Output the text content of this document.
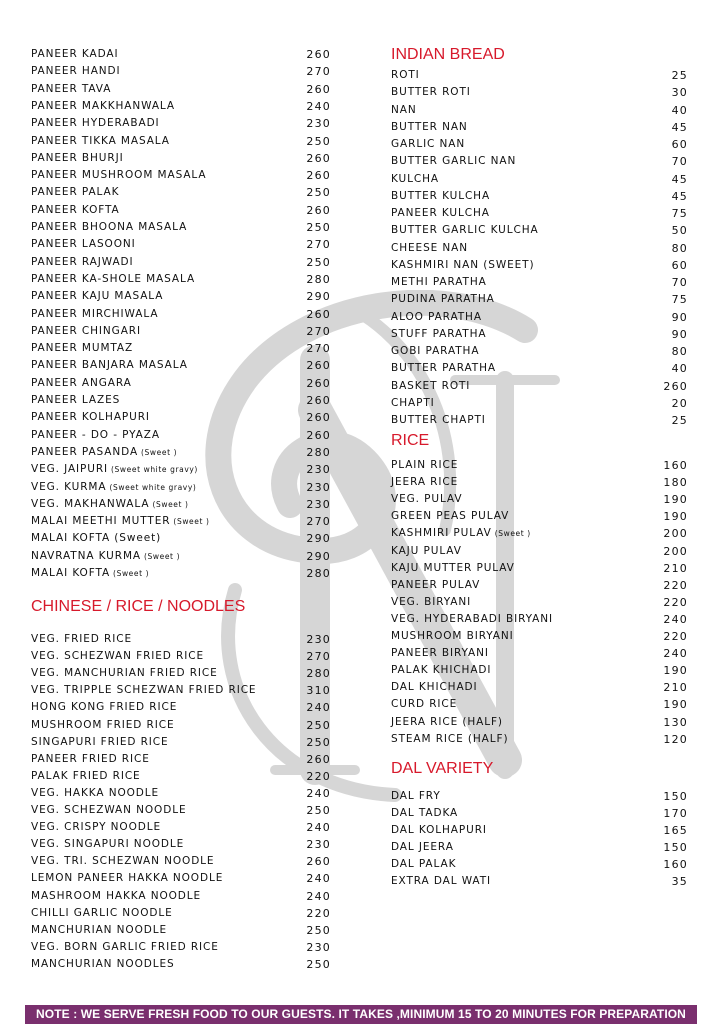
PANEER KADAI	260
PANEER HANDI	270
PANEER TAVA	260
PANEER MAKKHANWALA	240
PANEER HYDERABADI	230
PANEER TIKKA MASALA	250
PANEER BHURJI	260
PANEER MUSHROOM MASALA	260
PANEER PALAK	250
PANEER KOFTA	260
PANEER BHOONA MASALA	250
PANEER LASOONI	270
PANEER RAJWADI	250
PANEER KA-SHOLE MASALA	280
PANEER KAJU MASALA	290
PANEER MIRCHIWALA	260
PANEER CHINGARI	270
PANEER MUMTAZ	270
PANEER BANJARA MASALA	260
PANEER ANGARA	260
PANEER LAZES	260
PANEER KOLHAPURI	260
PANEER - DO - PYAZA	260
PANEER PASANDA (Sweet )	280
VEG. JAIPURI (Sweet white gravy)	230
VEG. KURMA (Sweet white gravy)	230
VEG. MAKHANWALA (Sweet )	230
MALAI MEETHI MUTTER (Sweet )	270
MALAI KOFTA (Sweet)	290
NAVRATNA KURMA (Sweet )	290
MALAI KOFTA (Sweet )	280
CHINESE / RICE / NOODLES
VEG. FRIED RICE	230
VEG. SCHEZWAN FRIED RICE	270
VEG. MANCHURIAN FRIED RICE	280
VEG. TRIPPLE SCHEZWAN FRIED RICE	310
HONG KONG FRIED RICE	240
MUSHROOM FRIED RICE	250
SINGAPURI FRIED RICE	250
PANEER FRIED RICE	260
PALAK FRIED RICE	220
VEG. HAKKA NOODLE	240
VEG. SCHEZWAN NOODLE	250
VEG. CRISPY NOODLE	240
VEG. SINGAPURI NOODLE	230
VEG. TRI. SCHEZWAN NOODLE	260
LEMON PANEER HAKKA NOODLE	240
MASHROOM HAKKA NOODLE	240
CHILLI GARLIC NOODLE	220
MANCHURIAN NOODLE	250
VEG. BORN GARLIC FRIED RICE	230
MANCHURIAN NOODLES	250
INDIAN BREAD
ROTI	25
BUTTER ROTI	30
NAN	40
BUTTER NAN	45
GARLIC NAN	60
BUTTER GARLIC NAN	70
KULCHA	45
BUTTER KULCHA	45
PANEER KULCHA	75
BUTTER GARLIC KULCHA	50
CHEESE NAN	80
KASHMIRI NAN (SWEET)	60
METHI PARATHA	70
PUDINA PARATHA	75
ALOO PARATHA	90
STUFF PARATHA	90
GOBI PARATHA	80
BUTTER PARATHA	40
BASKET ROTI	260
CHAPTI	20
BUTTER CHAPTI	25
RICE
PLAIN RICE	160
JEERA RICE	180
VEG. PULAV	190
GREEN PEAS PULAV	190
KASHMIRI PULAV (Sweet )	200
KAJU PULAV	200
KAJU MUTTER PULAV	210
PANEER PULAV	220
VEG. BIRYANI	220
VEG. HYDERABADI BIRYANI	240
MUSHROOM BIRYANI	220
PANEER BIRYANI	240
PALAK KHICHADI	190
DAL KHICHADI	210
CURD RICE	190
JEERA RICE (HALF)	130
STEAM RICE (HALF)	120
DAL VARIETY
DAL FRY	150
DAL TADKA	170
DAL KOLHAPURI	165
DAL JEERA	150
DAL PALAK	160
EXTRA DAL WATI	35
NOTE : WE SERVE FRESH FOOD TO OUR GUESTS. IT TAKES ,MINIMUM 15 TO 20 MINUTES FOR PREPARATION
